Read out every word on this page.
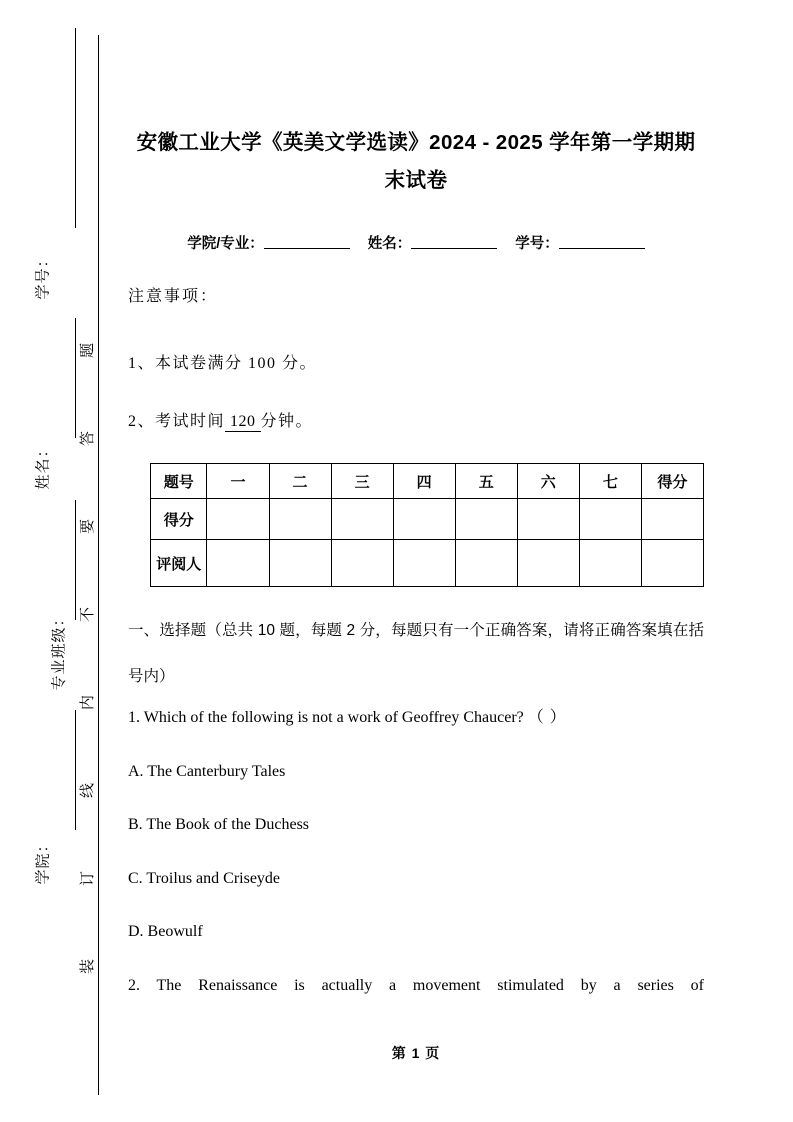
学号：
姓名：
专业班级：
学院：
题
答
要
不
内
线
订
装
安徽工业大学《英美文学选读》2024 - 2025 学年第一学期期末试卷
学院/专业：	姓名：	学号：
注意事项：
1、本试卷满分 100 分。
2、考试时间 120 分钟。
题号	一	二	三	四	五	六	七	得分
得分								
评阅人								
一、选择题（总共 10 题，每题 2 分，每题只有一个正确答案，请将正确答案填在括号内）
1. Which of the following is not a work of Geoffrey Chaucer? （ ）
A. The Canterbury Tales
B. The Book of the Duchess
C. Troilus and Criseyde
D. Beowulf
2. The Renaissance is actually a movement stimulated by a series of
第 1 页
